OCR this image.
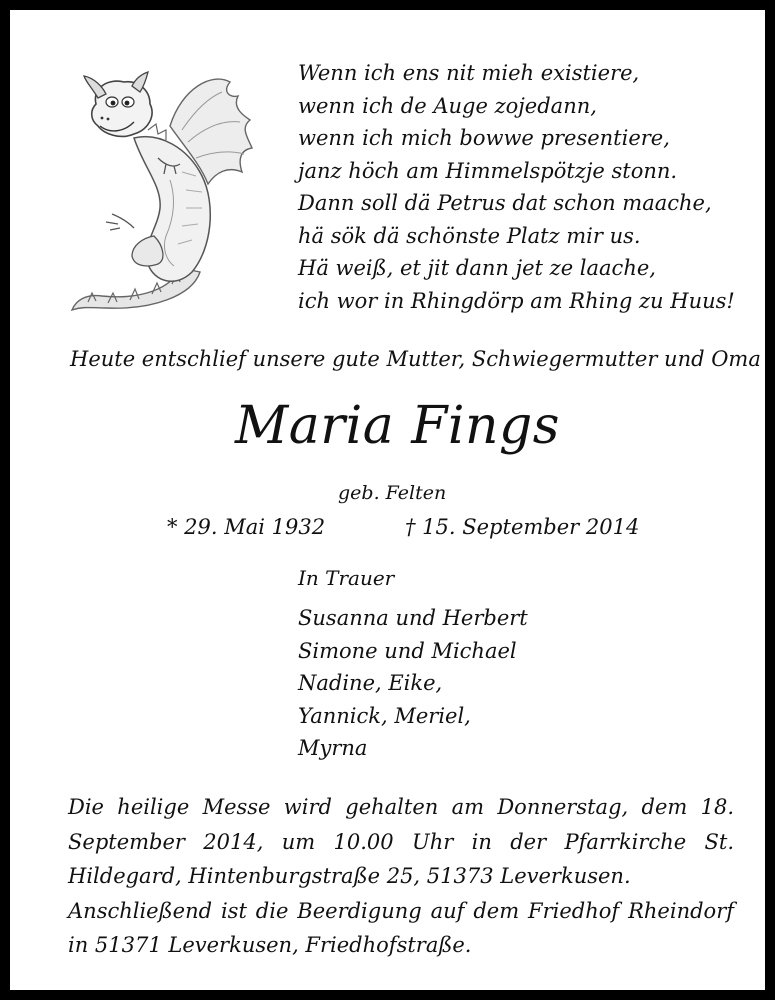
Wenn ich ens nit mieh existiere,
wenn ich de Auge zojedann,
wenn ich mich bowwe presentiere,
janz höch am Himmelspötzje stonn.
Dann soll dä Petrus dat schon maache,
hä sök dä schönste Platz mir us.
Hä weiß, et jit dann jet ze laache,
ich wor in Rhingdörp am Rhing zu Huus!
Heute entschlief unsere gute Mutter, Schwiegermutter und Oma
Maria Fings
geb. Felten
* 29. Mai 1932	† 15. September 2014
In Trauer
Susanna und Herbert
Simone und Michael
Nadine, Eike,
Yannick, Meriel,
Myrna

Die heilige Messe wird gehalten am Donnerstag, dem 18. September 2014, um 10.00 Uhr in der Pfarrkirche St. Hildegard, Hintenburgstraße 25, 51373 Leverkusen.

Anschließend ist die Beerdigung auf dem Friedhof Rheindorf in 51371 Leverkusen, Friedhofstraße.
